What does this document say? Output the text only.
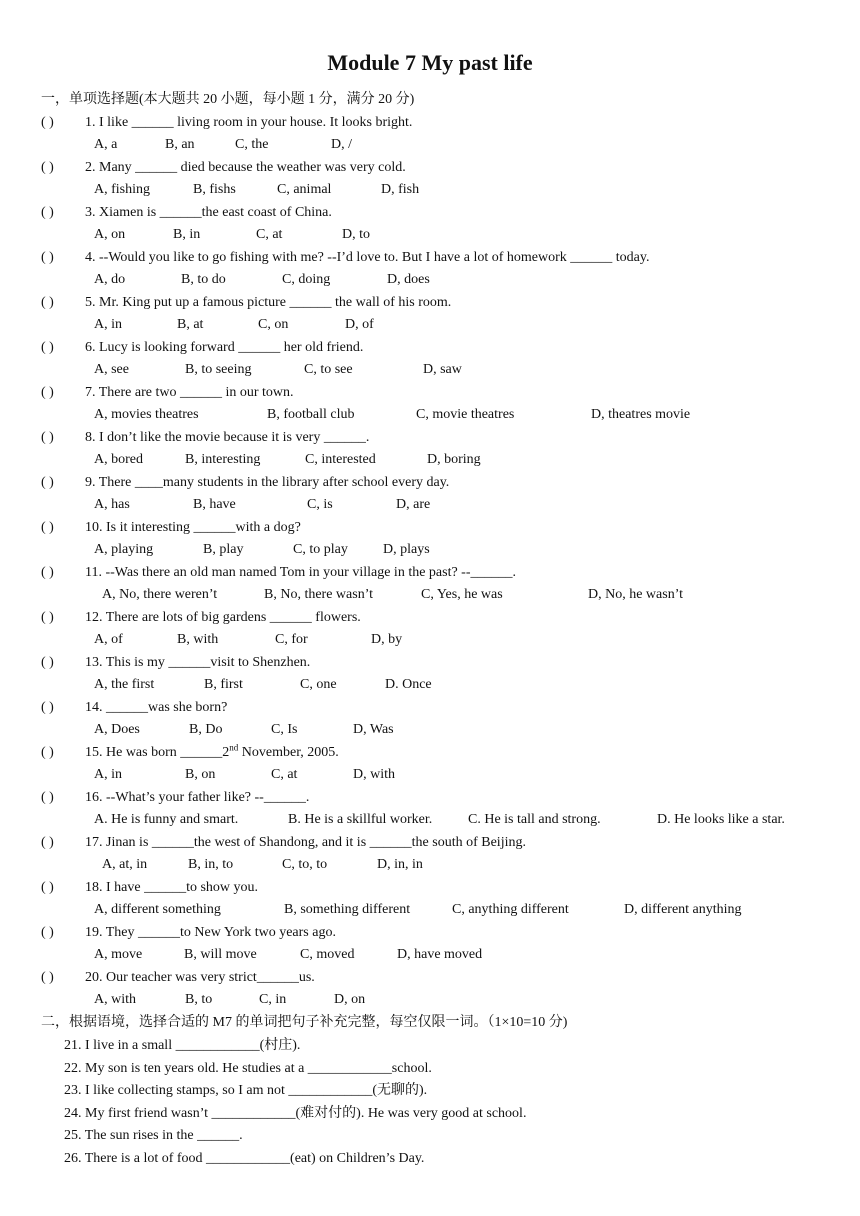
Module 7 My past life
一，单项选择题(本大题共 20 小题，每小题 1 分，满分 20 分)
( ) 1. I like ______ living room in your house. It looks bright.
A, a	B, an	C, the	D, /
( ) 2. Many ______ died because the weather was very cold.
A, fishing	B, fishs	C, animal	D, fish
( ) 3. Xiamen is ______the east coast of China.
A, on	B, in	C, at	D, to
( ) 4. --Would you like to go fishing with me? --I’d love to. But I have a lot of homework ______ today.
A, do	B, to do	C, doing	D, does
( ) 5. Mr. King put up a famous picture ______ the wall of his room.
A, in	B, at	C, on	D, of
( ) 6. Lucy is looking forward ______ her old friend.
A, see	B, to seeing	C, to see	D, saw
( ) 7. There are two ______ in our town.
A, movies theatres	B, football club	C, movie theatres	D, theatres movie
( ) 8. I don’t like the movie because it is very ______.
A, bored	B, interesting	C, interested	D, boring
( ) 9. There ____many students in the library after school every day.
A, has	B, have	C, is	D, are
( ) 10. Is it interesting ______with a dog?
A, playing	B, play	C, to play	D, plays
( ) 11. --Was there an old man named Tom in your village in the past? --______.
A, No, there weren’t	B, No, there wasn’t	C, Yes, he was	D, No, he wasn’t
( ) 12. There are lots of big gardens ______ flowers.
A, of	B, with	C, for	D, by
( ) 13. This is my ______visit to Shenzhen.
A, the first	B, first	C, one	D. Once
( ) 14. ______was she born?
A, Does	B, Do	C, Is	D, Was
( ) 15. He was born ______2nd November, 2005.
A, in	B, on	C, at	D, with
( ) 16. --What’s your father like? --______.
A. He is funny and smart.	B. He is a skillful worker.	C. He is tall and strong.	D. He looks like a star.
( ) 17. Jinan is ______the west of Shandong, and it is ______the south of Beijing.
A, at, in	B, in, to	C, to, to	D, in, in
( ) 18. I have ______to show you.
A, different something	B, something different	C, anything different	D, different anything
( ) 19. They ______to New York two years ago.
A, move	B, will move	C, moved	D, have moved
( ) 20. Our teacher was very strict______us.
A, with	B, to	C, in	D, on
二，根据语境，选择合适的 M7 的单词把句子补充完整，每空仅限一词。（1×10=10 分)
21. I live in a small ____________(村庄).
22. My son is ten years old. He studies at a ____________school.
23. I like collecting stamps, so I am not ____________(无聊的).
24. My first friend wasn’t ____________(难对付的). He was very good at school.
25. The sun rises in the ______.
26. There is a lot of food ____________(eat) on Children’s Day.
